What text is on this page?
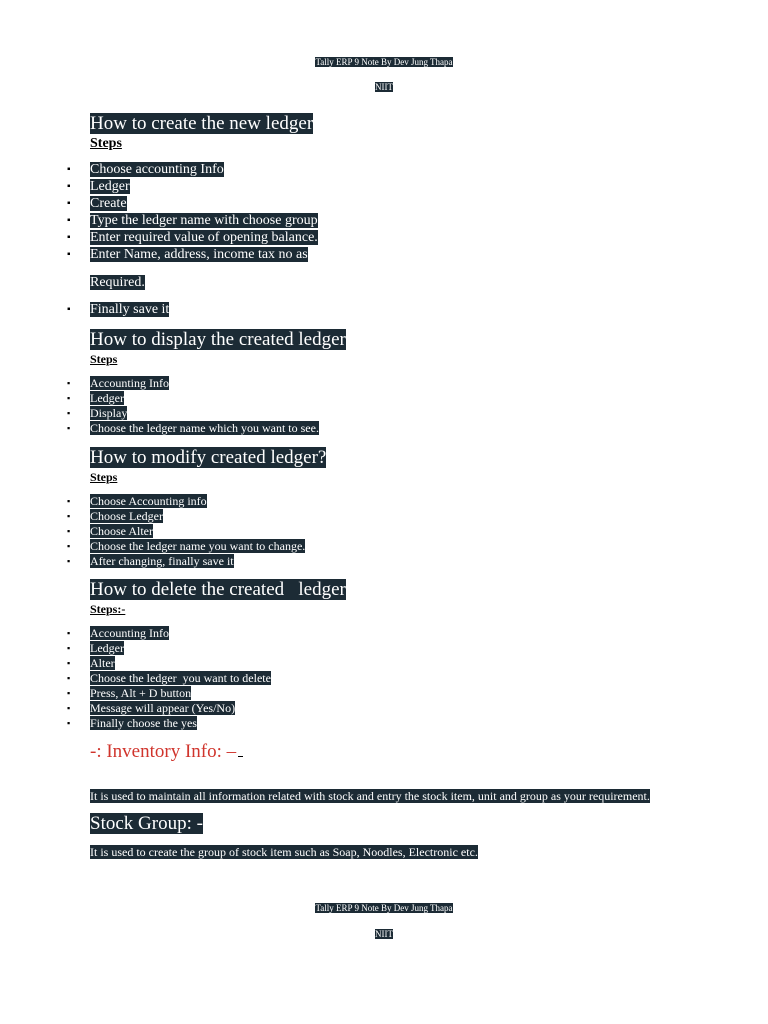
Tally ERP 9 Note By Dev Jung Thapa
NIIT
How to create the new ledger
Steps
▪ Choose accounting Info
▪ Ledger
▪ Create
▪ Type the ledger name with choose group
▪ Enter required value of opening balance.
▪ Enter Name, address, income tax no as
Required.
▪ Finally save it
How to display the created ledger
Steps
▪ Accounting Info
▪ Ledger
▪ Display
▪ Choose the ledger name which you want to see.
How to modify created ledger?
Steps
▪ Choose Accounting info
▪ Choose Ledger
▪ Choose Alter
▪ Choose the ledger name you want to change.
▪ After changing, finally save it
How to delete the created   ledger
Steps:-
▪ Accounting Info
▪ Ledger
▪ Alter
▪ Choose the ledger  you want to delete
▪ Press, Alt + D button
▪ Message will appear (Yes/No)
▪ Finally choose the yes
-: Inventory Info: –
It is used to maintain all information related with stock and entry the stock item, unit and group as your requirement.
Stock Group: -
It is used to create the group of stock item such as Soap, Noodles, Electronic etc.
Tally ERP 9 Note By Dev Jung Thapa
NIIT
